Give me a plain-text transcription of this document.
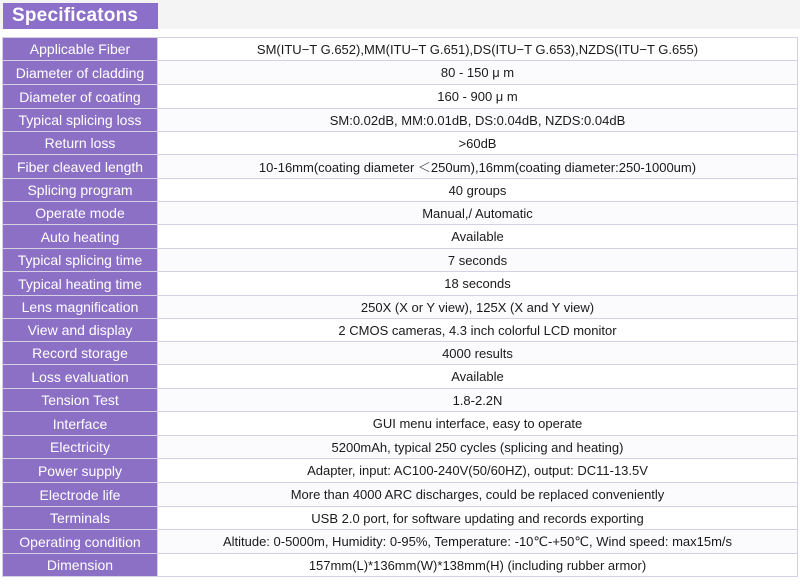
Specificatons
Applicable Fiber	SM(ITU−T G.652),MM(ITU−T G.651),DS(ITU−T G.653),NZDS(ITU−T G.655)
Diameter of cladding	80 - 150 μ m
Diameter of coating	160 - 900 μ m
Typical splicing loss	SM:0.02dB, MM:0.01dB, DS:0.04dB, NZDS:0.04dB
Return loss	>60dB
Fiber cleaved length	10-16mm(coating diameter ＜250um),16mm(coating diameter:250-1000um)
Splicing program	40 groups
Operate mode	Manual,/ Automatic
Auto heating	Available
Typical splicing time	7 seconds
Typical heating time	18 seconds
Lens magnification	250X (X or Y view), 125X (X and Y view)
View and display	2 CMOS cameras, 4.3 inch colorful LCD monitor
Record storage	4000 results
Loss evaluation	Available
Tension Test	1.8-2.2N
Interface	GUI menu interface, easy to operate
Electricity	5200mAh, typical 250 cycles (splicing and heating)
Power supply	Adapter, input: AC100-240V(50/60HZ), output: DC11-13.5V
Electrode life	More than 4000 ARC discharges, could be replaced conveniently
Terminals	USB 2.0 port, for software updating and records exporting
Operating condition	Altitude: 0-5000m, Humidity: 0-95%, Temperature: -10℃-+50℃, Wind speed: max15m/s
Dimension	157mm(L)*136mm(W)*138mm(H) (including rubber armor)
